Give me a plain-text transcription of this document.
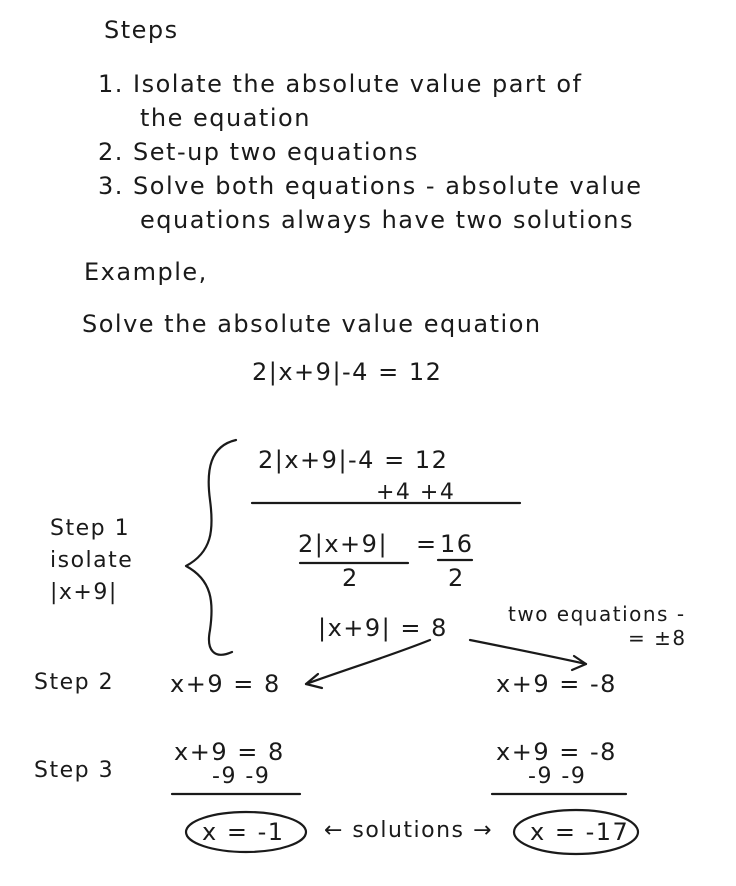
Steps
1. Isolate the absolute value part of
the equation
2. Set-up two equations
3. Solve both equations - absolute value
equations always have two solutions
Example,
Solve the absolute value equation
2|x+9|-4 = 12
Step 1
isolate
|x+9|
2|x+9|-4 = 12
+4 +4
2|x+9| = 16
2	2
|x+9| = 8	two equations -
= ±8
Step 2 x+9 = 8	x+9 = -8
Step 3
x+9 = 8
-9 -9
x+9 = -8
-9 -9
x = -1 ← solutions → x = -17
